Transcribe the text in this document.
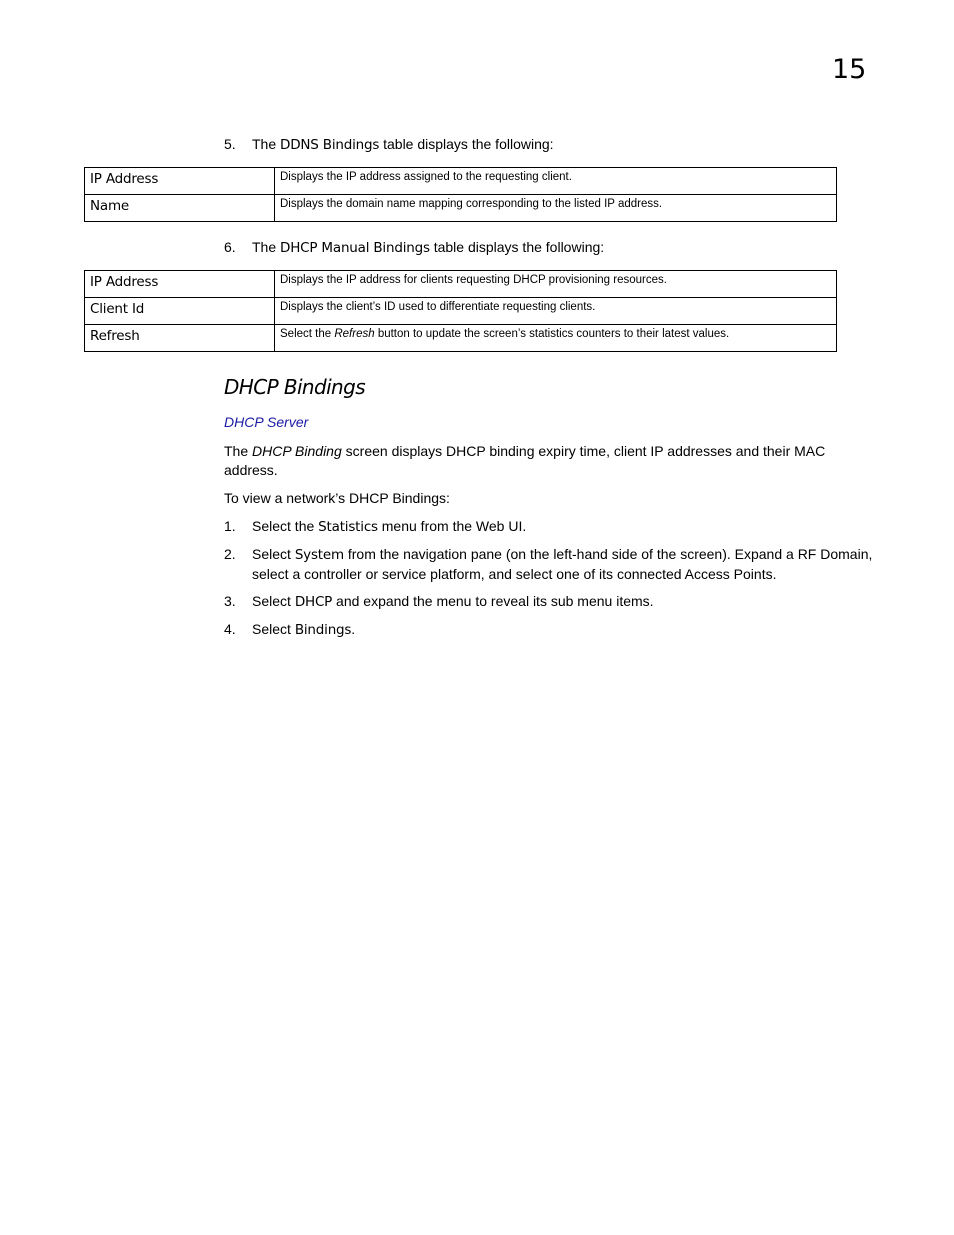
15
5. The DDNS Bindings table displays the following:
IP Address	Displays the IP address assigned to the requesting client.
Name	Displays the domain name mapping corresponding to the listed IP address.
6. The DHCP Manual Bindings table displays the following:
IP Address	Displays the IP address for clients requesting DHCP provisioning resources.
Client Id	Displays the client’s ID used to differentiate requesting clients.
Refresh	Select the Refresh button to update the screen’s statistics counters to their latest values.
DHCP Bindings
DHCP Server
The DHCP Binding screen displays DHCP binding expiry time, client IP addresses and their MAC address.
To view a network’s DHCP Bindings:
1. Select the Statistics menu from the Web UI.
2. Select System from the navigation pane (on the left-hand side of the screen). Expand a RF Domain, select a controller or service platform, and select one of its connected Access Points.
3. Select DHCP and expand the menu to reveal its sub menu items.
4. Select Bindings.
